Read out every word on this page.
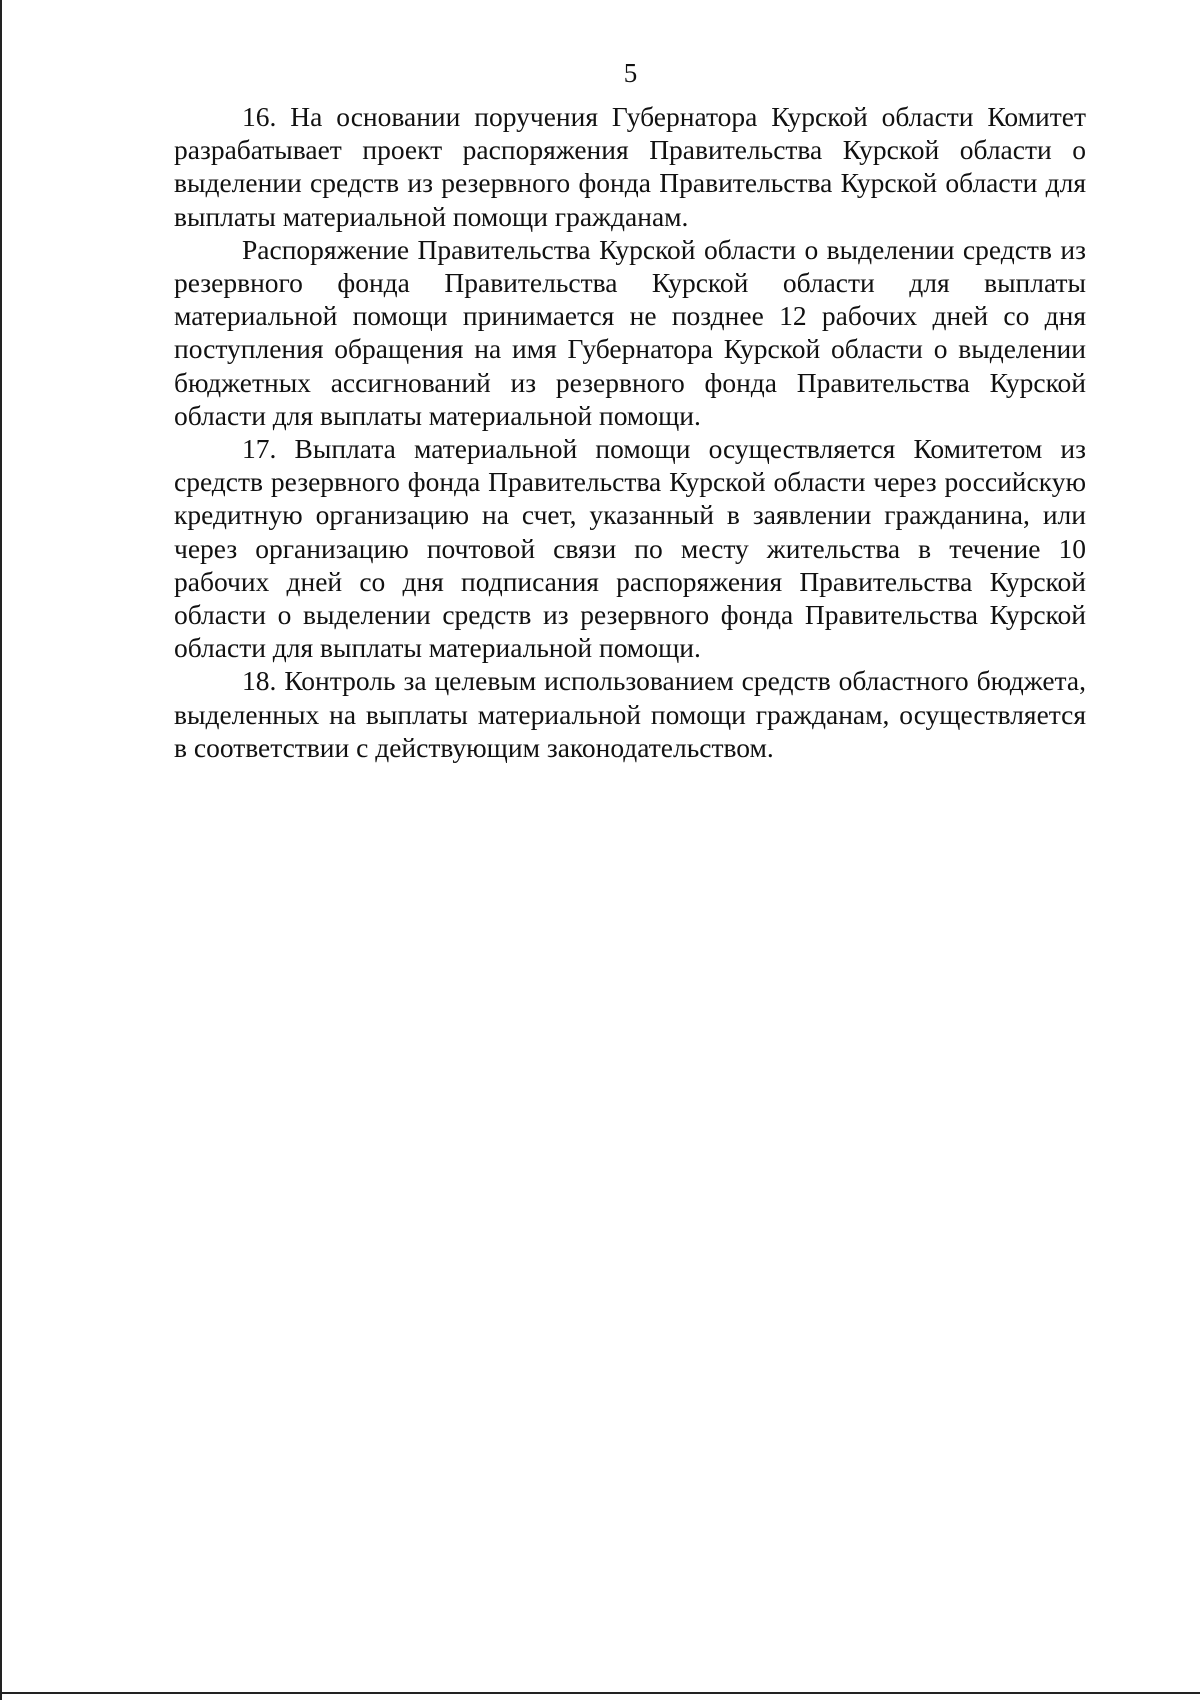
5

16. На основании поручения Губернатора Курской области Комитет разрабатывает проект распоряжения Правительства Курской области о выделении средств из резервного фонда Правительства Курской области для выплаты материальной помощи гражданам.

Распоряжение Правительства Курской области о выделении средств из резервного фонда Правительства Курской области для выплаты материальной помощи принимается не позднее 12 рабочих дней со дня поступления обращения на имя Губернатора Курской области о выделении бюджетных ассигнований из резервного фонда Правительства Курской области для выплаты материальной помощи.

17. Выплата материальной помощи осуществляется Комитетом из средств резервного фонда Правительства Курской области через российскую кредитную организацию на счет, указанный в заявлении гражданина, или через организацию почтовой связи по месту жительства в течение 10 рабочих дней со дня подписания распоряжения Правительства Курской области о выделении средств из резервного фонда Правительства Курской области для выплаты материальной помощи.

18. Контроль за целевым использованием средств областного бюджета, выделенных на выплаты материальной помощи гражданам, осуществляется в соответствии с действующим законодательством.
